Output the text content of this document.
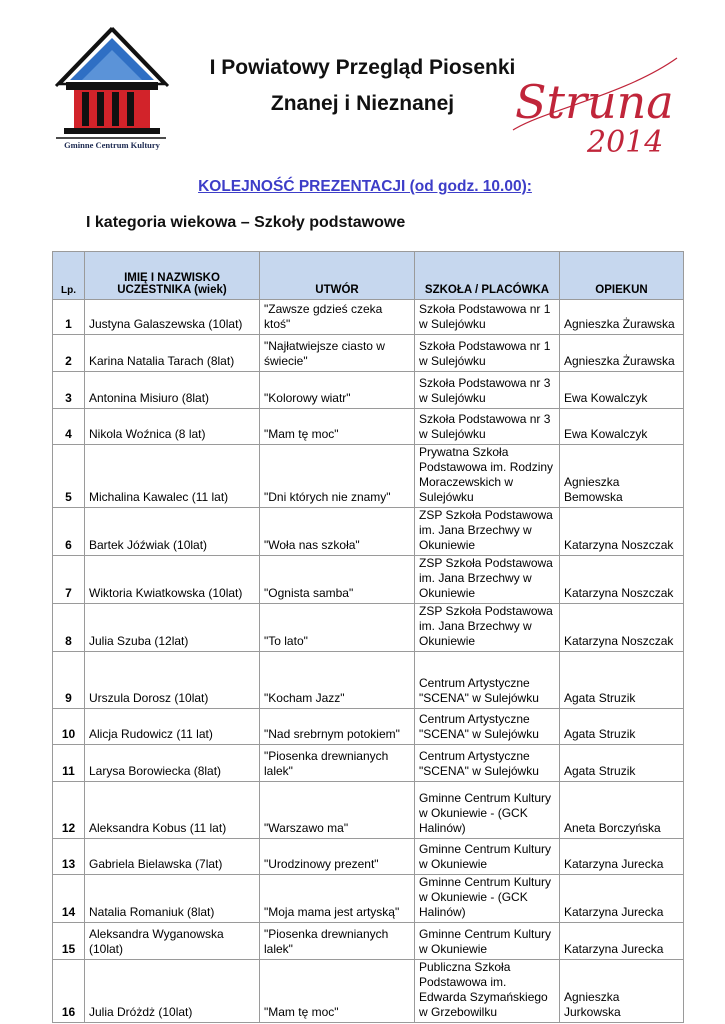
Gminne Centrum Kultury
I Powiatowy Przegląd Piosenki
Znanej i Nieznanej	Struna
2014
KOLEJNOŚĆ PREZENTACJI (od godz. 10.00):
I kategoria wiekowa – Szkoły podstawowe
Lp.	IMIĘ I NAZWISKO UCZESTNIKA (wiek)	UTWÓR	SZKOŁA / PLACÓWKA	OPIEKUN
1	Justyna Galaszewska (10lat)	"Zawsze gdzieś czeka ktoś"	Szkoła Podstawowa nr 1 w Sulejówku	Agnieszka Żurawska
2	Karina Natalia Tarach (8lat)	"Najłatwiejsze ciasto w świecie"	Szkoła Podstawowa nr 1 w Sulejówku	Agnieszka Żurawska
3	Antonina Misiuro (8lat)	"Kolorowy wiatr"	Szkoła Podstawowa nr 3 w Sulejówku	Ewa Kowalczyk
4	Nikola Woźnica (8 lat)	"Mam tę moc"	Szkoła Podstawowa nr 3 w Sulejówku	Ewa Kowalczyk
5	Michalina Kawalec (11 lat)	"Dni których nie znamy"	Prywatna Szkoła Podstawowa im. Rodziny Moraczewskich w Sulejówku	Agnieszka Bemowska
6	Bartek Jóźwiak (10lat)	"Woła nas szkoła"	ZSP Szkoła Podstawowa im. Jana Brzechwy w Okuniewie	Katarzyna Noszczak
7	Wiktoria Kwiatkowska (10lat)	"Ognista samba"	ZSP Szkoła Podstawowa im. Jana Brzechwy w Okuniewie	Katarzyna Noszczak
8	Julia Szuba (12lat)	"To lato"	ZSP Szkoła Podstawowa im. Jana Brzechwy w Okuniewie	Katarzyna Noszczak
9	Urszula Dorosz (10lat)	"Kocham Jazz"	Centrum Artystyczne "SCENA" w Sulejówku	Agata Struzik
10	Alicja Rudowicz (11 lat)	"Nad srebrnym potokiem"	Centrum Artystyczne "SCENA" w Sulejówku	Agata Struzik
11	Larysa Borowiecka (8lat)	"Piosenka drewnianych lalek"	Centrum Artystyczne "SCENA" w Sulejówku	Agata Struzik
12	Aleksandra Kobus (11 lat)	"Warszawo ma"	Gminne Centrum Kultury w Okuniewie - (GCK Halinów)	Aneta Borczyńska
13	Gabriela Bielawska (7lat)	"Urodzinowy prezent"	Gminne Centrum Kultury w Okuniewie	Katarzyna Jurecka
14	Natalia Romaniuk (8lat)	"Moja mama jest artyską"	Gminne Centrum Kultury w Okuniewie - (GCK Halinów)	Katarzyna Jurecka
15	Aleksandra Wyganowska (10lat)	"Piosenka drewnianych lalek"	Gminne Centrum Kultury w Okuniewie	Katarzyna Jurecka
16	Julia Dróżdż (10lat)	"Mam tę moc"	Publiczna Szkoła Podstawowa im. Edwarda Szymańskiego w Grzebowilku	Agnieszka Jurkowska
